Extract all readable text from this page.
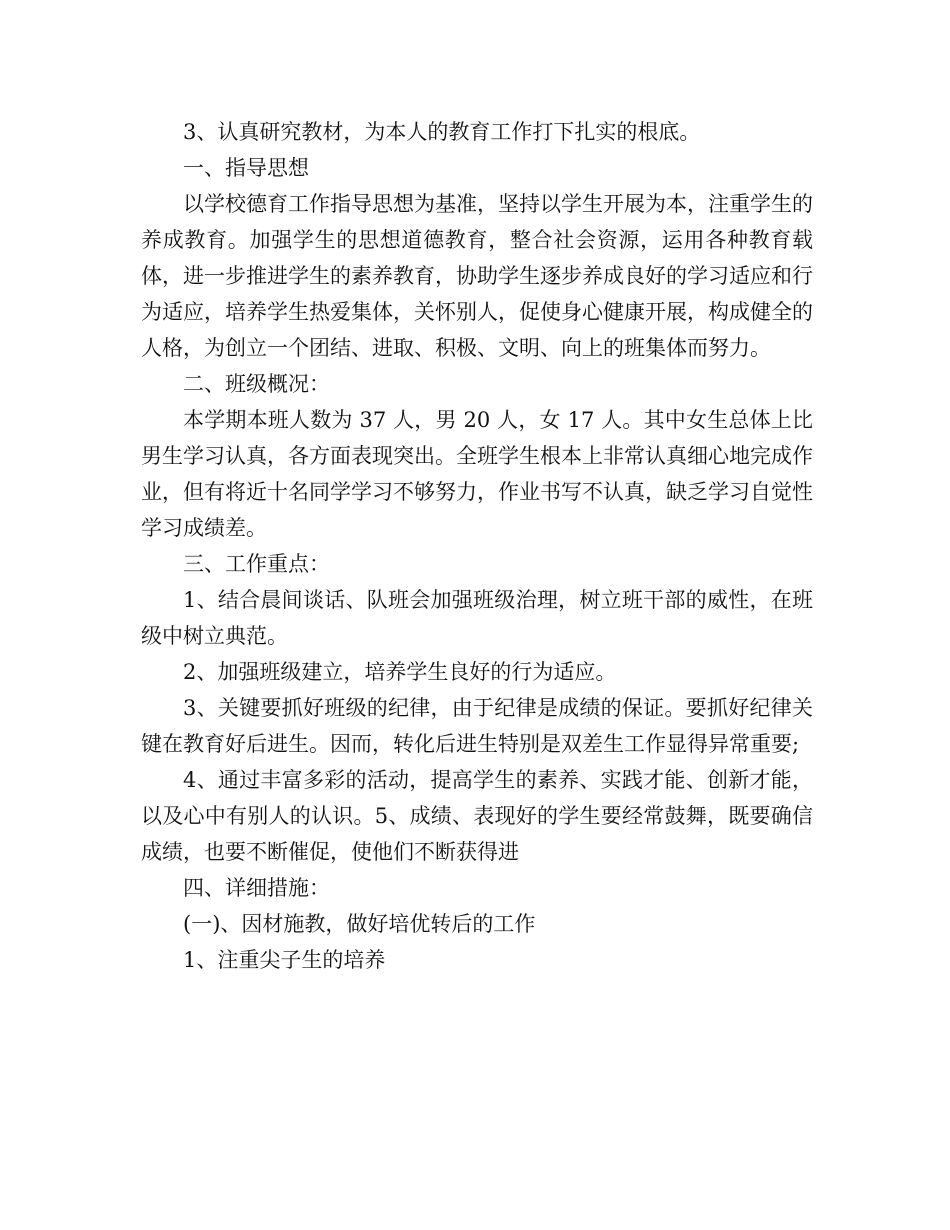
3、认真研究教材，为本人的教育工作打下扎实的根底。

一、指导思想

以学校德育工作指导思想为基准，坚持以学生开展为本，注重学生的养成教育。加强学生的思想道德教育，整合社会资源，运用各种教育载体，进一步推进学生的素养教育，协助学生逐步养成良好的学习适应和行为适应，培养学生热爱集体，关怀别人，促使身心健康开展，构成健全的人格，为创立一个团结、进取、积极、文明、向上的班集体而努力。

二、班级概况：

本学期本班人数为 37 人，男 20 人，女 17 人。其中女生总体上比男生学习认真，各方面表现突出。全班学生根本上非常认真细心地完成作业，但有将近十名同学学习不够努力，作业书写不认真，缺乏学习自觉性学习成绩差。

三、工作重点：

1、结合晨间谈话、队班会加强班级治理，树立班干部的威性，在班级中树立典范。

2、加强班级建立，培养学生良好的行为适应。

3、关键要抓好班级的纪律，由于纪律是成绩的保证。要抓好纪律关键在教育好后进生。因而，转化后进生特别是双差生工作显得异常重要;

4、通过丰富多彩的活动，提高学生的素养、实践才能、创新才能，以及心中有别人的认识。5、成绩、表现好的学生要经常鼓舞，既要确信成绩，也要不断催促，使他们不断获得进

四、详细措施：

(一)、因材施教，做好培优转后的工作

1、注重尖子生的培养
